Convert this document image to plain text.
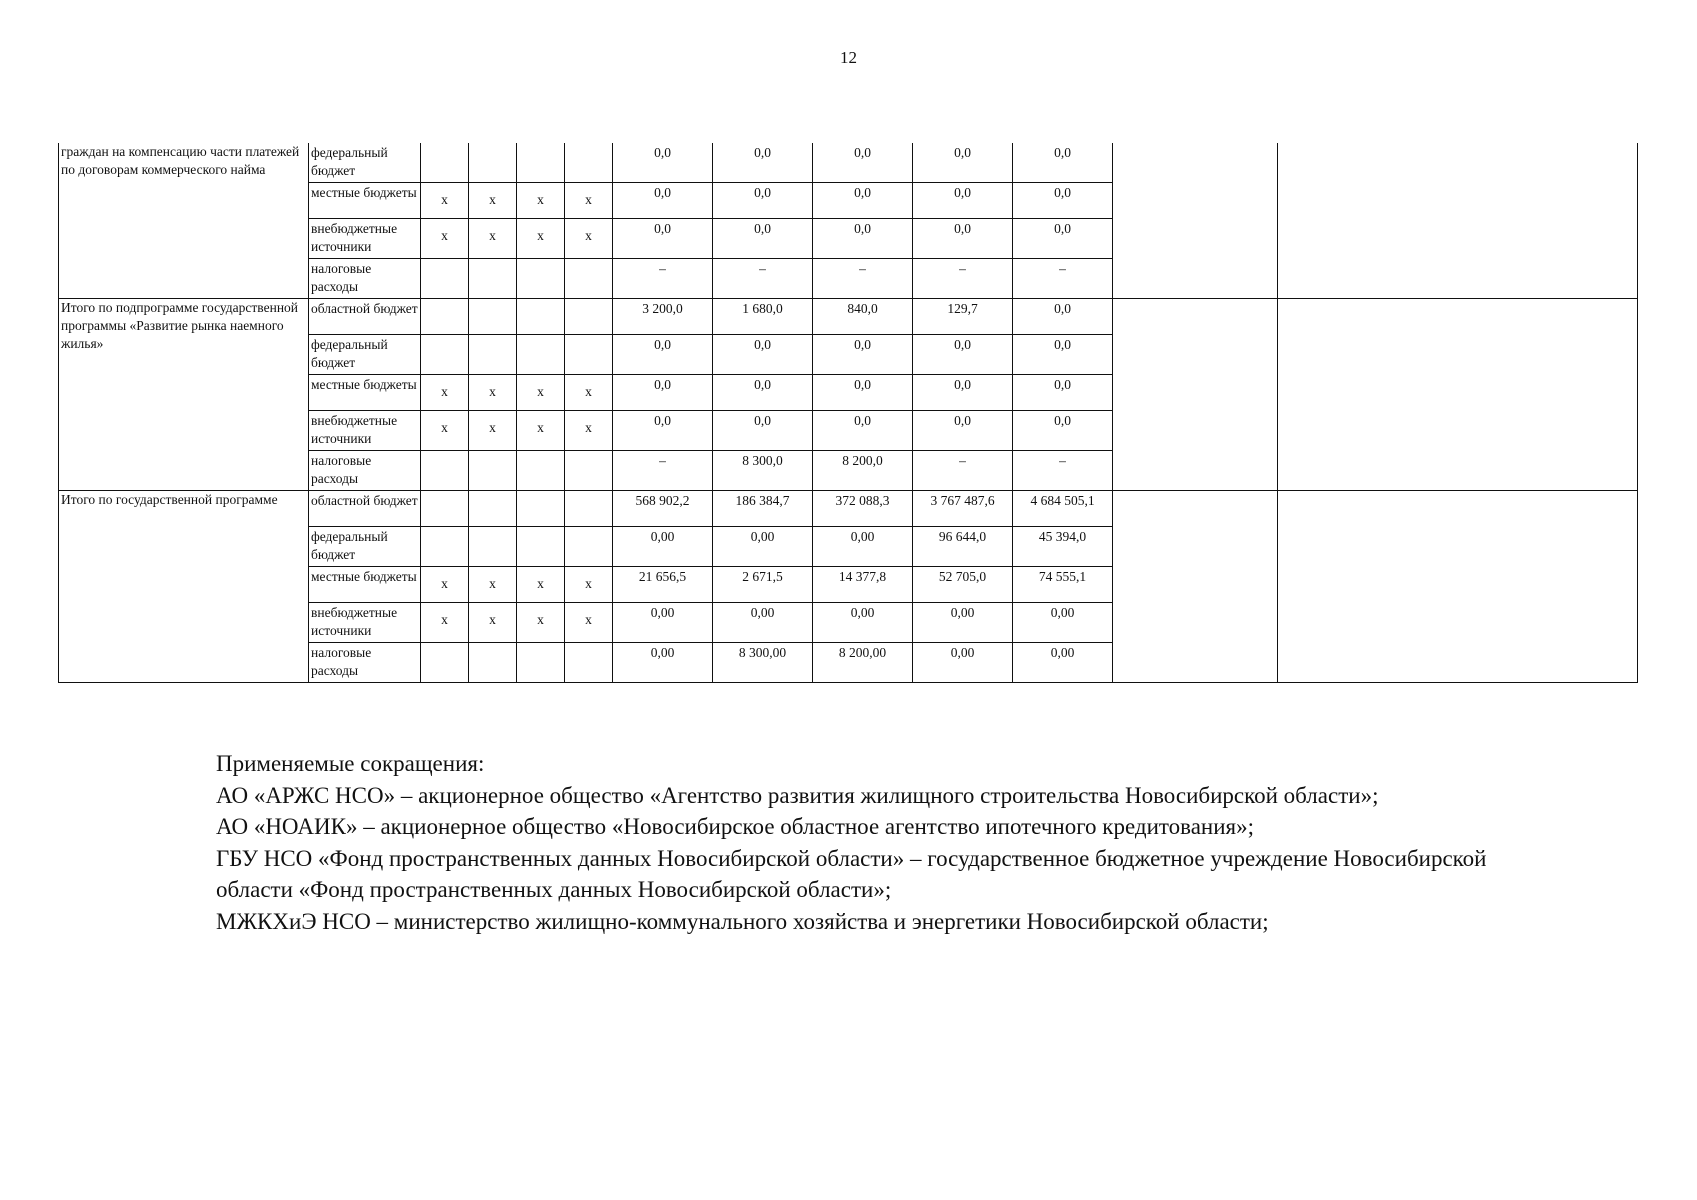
12
граждан на компенсацию части платежей по договорам коммерческого найма	федеральный бюджет					0,0	0,0	0,0	0,0	0,0		
	местные бюджеты	x	x	x	x	0,0	0,0	0,0	0,0	0,0		
	внебюджетные источники	x	x	x	x	0,0	0,0	0,0	0,0	0,0		
	налоговые расходы					–	–	–	–	–		
Итого по подпрограмме государственной программы «Развитие рынка наемного жилья»	областной бюджет					3 200,0	1 680,0	840,0	129,7	0,0		
	федеральный бюджет					0,0	0,0	0,0	0,0	0,0		
	местные бюджеты	x	x	x	x	0,0	0,0	0,0	0,0	0,0		
	внебюджетные источники	x	x	x	x	0,0	0,0	0,0	0,0	0,0		
	налоговые расходы					–	8 300,0	8 200,0	–	–		
Итого по государственной программе	областной бюджет					568 902,2	186 384,7	372 088,3	3 767 487,6	4 684 505,1		
	федеральный бюджет					0,00	0,00	0,00	96 644,0	45 394,0		
	местные бюджеты	x	x	x	x	21 656,5	2 671,5	14 377,8	52 705,0	74 555,1		
	внебюджетные источники	x	x	x	x	0,00	0,00	0,00	0,00	0,00		
	налоговые расходы					0,00	8 300,00	8 200,00	0,00	0,00		

Применяемые сокращения:

АО «АРЖС НСО» – акционерное общество «Агентство развития жилищного строительства Новосибирской области»;

АО «НОАИК» – акционерное общество «Новосибирское областное агентство ипотечного кредитования»;

ГБУ НСО «Фонд пространственных данных Новосибирской области» – государственное бюджетное учреждение Новосибирской области «Фонд пространственных данных Новосибирской области»;

МЖКХиЭ НСО – министерство жилищно-коммунального хозяйства и энергетики Новосибирской области;
